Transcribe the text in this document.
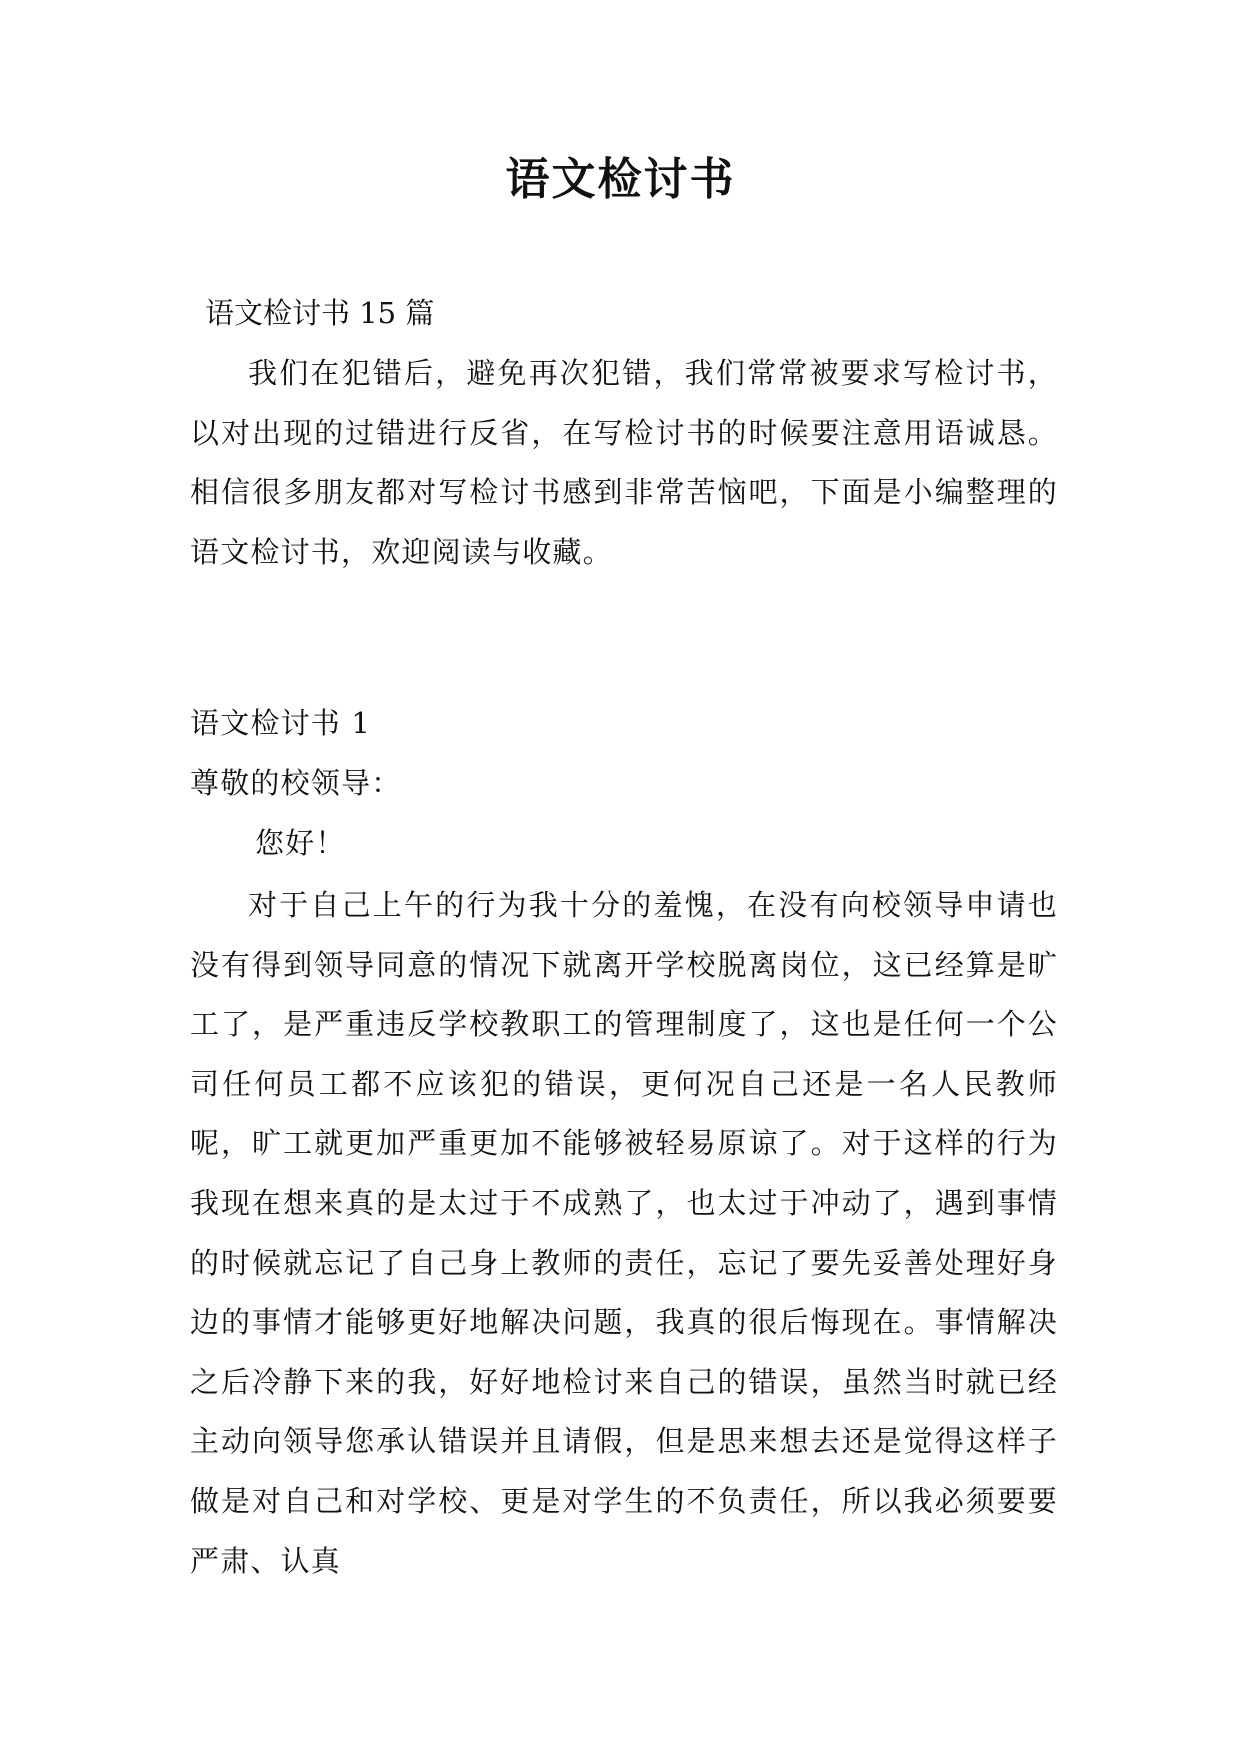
语文检讨书
语文检讨书 15 篇
我们在犯错后，避免再次犯错，我们常常被要求写检讨书，以对出现的过错进行反省，在写检讨书的时候要注意用语诚恳。相信很多朋友都对写检讨书感到非常苦恼吧，下面是小编整理的语文检讨书，欢迎阅读与收藏。
语文检讨书 1
尊敬的校领导：
您好！
对于自己上午的行为我十分的羞愧，在没有向校领导申请也没有得到领导同意的情况下就离开学校脱离岗位，这已经算是旷工了，是严重违反学校教职工的管理制度了，这也是任何一个公司任何员工都不应该犯的错误，更何况自己还是一名人民教师呢，旷工就更加严重更加不能够被轻易原谅了。对于这样的行为我现在想来真的是太过于不成熟了，也太过于冲动了，遇到事情的时候就忘记了自己身上教师的责任，忘记了要先妥善处理好身边的事情才能够更好地解决问题，我真的很后悔现在。事情解决之后冷静下来的我，好好地检讨来自己的错误，虽然当时就已经主动向领导您承认错误并且请假，但是思来想去还是觉得这样子做是对自己和对学校、更是对学生的不负责任，所以我必须要要严肃、认真
